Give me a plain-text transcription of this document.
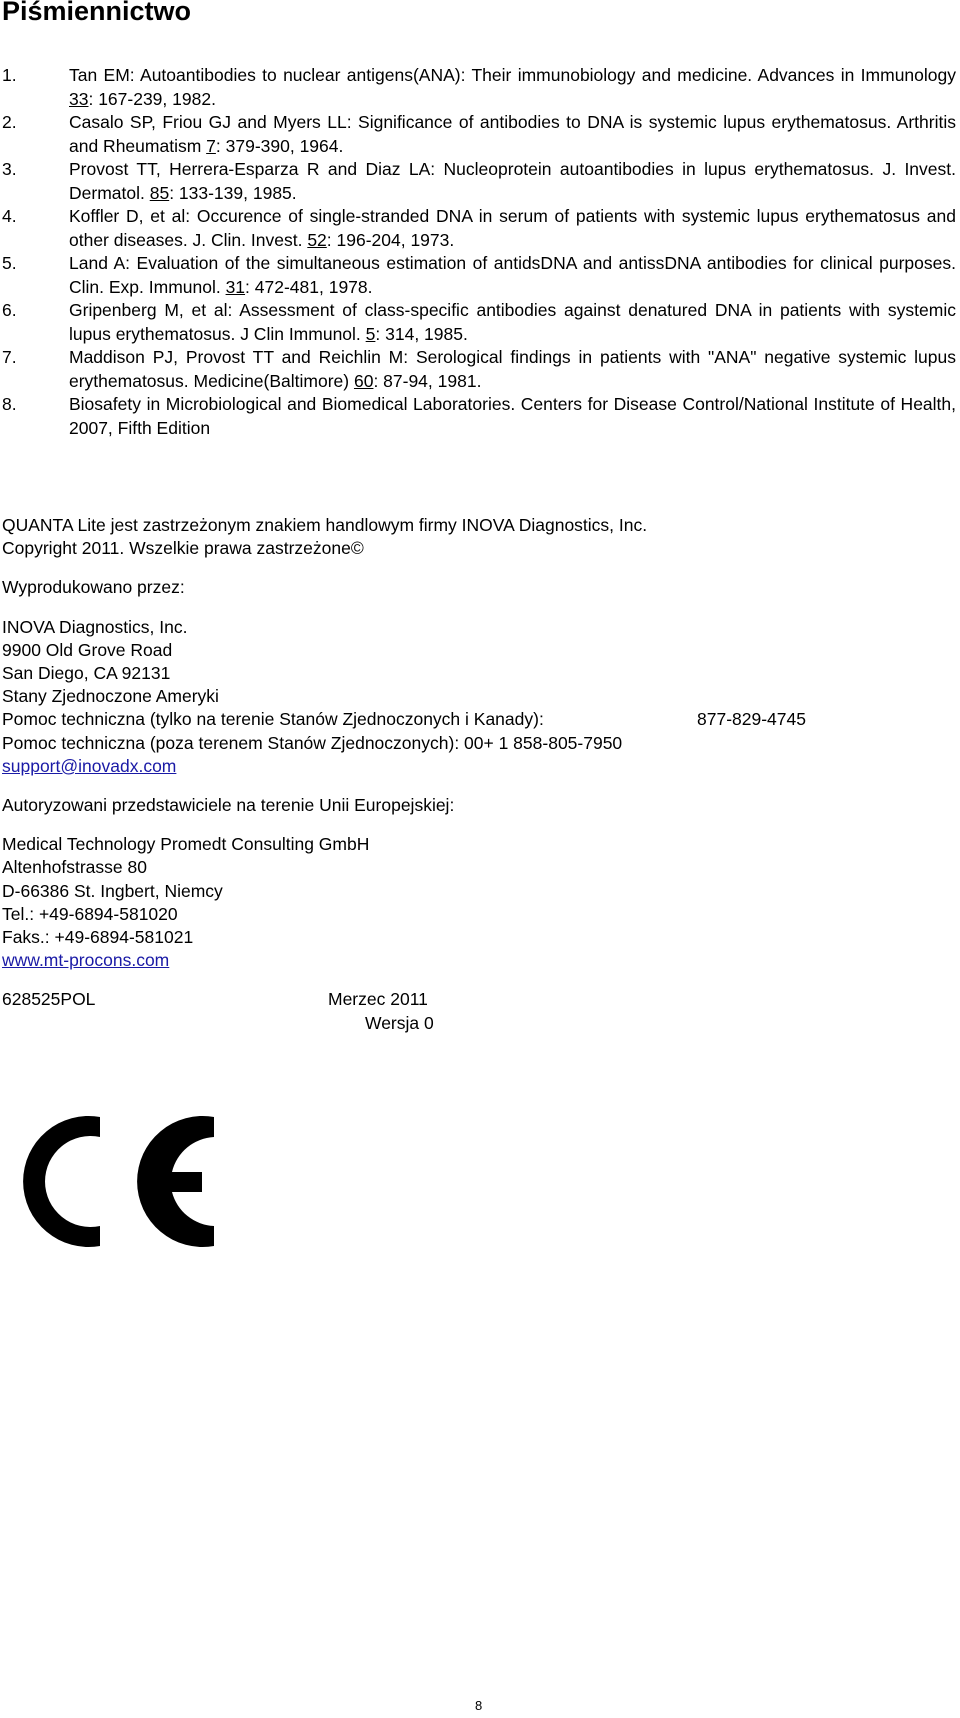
Piśmiennictwo
1.	Tan EM: Autoantibodies to nuclear antigens(ANA): Their immunobiology and medicine. Advances in Immunology 33: 167-239, 1982.
2.	Casalo SP, Friou GJ and Myers LL: Significance of antibodies to DNA is systemic lupus erythematosus. Arthritis and Rheumatism 7: 379-390, 1964.
3.	Provost TT, Herrera-Esparza R and Diaz LA: Nucleoprotein autoantibodies in lupus erythematosus. J. Invest. Dermatol. 85: 133-139, 1985.
4.	Koffler D, et al: Occurence of single-stranded DNA in serum of patients with systemic lupus erythematosus and other diseases. J. Clin. Invest. 52: 196-204, 1973.
5.	Land A: Evaluation of the simultaneous estimation of antidsDNA and antissDNA antibodies for clinical purposes. Clin. Exp. Immunol. 31: 472-481, 1978.
6.	Gripenberg M, et al: Assessment of class-specific antibodies against denatured DNA in patients with systemic lupus erythematosus. J Clin Immunol. 5: 314, 1985.
7.	Maddison PJ, Provost TT and Reichlin M: Serological findings in patients with "ANA" negative systemic lupus erythematosus. Medicine(Baltimore) 60: 87-94, 1981.
8.	Biosafety in Microbiological and Biomedical Laboratories. Centers for Disease Control/National Institute of Health, 2007, Fifth Edition
QUANTA Lite jest zastrzeżonym znakiem handlowym firmy INOVA Diagnostics, Inc.
Copyright 2011. Wszelkie prawa zastrzeżone©
Wyprodukowano przez:
INOVA Diagnostics, Inc.
9900 Old Grove Road
San Diego, CA 92131
Stany Zjednoczone Ameryki
Pomoc techniczna (tylko na terenie Stanów Zjednoczonych i Kanady):	877-829-4745
Pomoc techniczna (poza terenem Stanów Zjednoczonych): 00+ 1 858-805-7950
support@inovadx.com
Autoryzowani przedstawiciele na terenie Unii Europejskiej:
Medical Technology Promedt Consulting GmbH
Altenhofstrasse 80
D-66386 St. Ingbert, Niemcy
Tel.: +49-6894-581020
Faks.: +49-6894-581021
www.mt-procons.com
628525POL	Merzec 2011
Wersja 0
8
